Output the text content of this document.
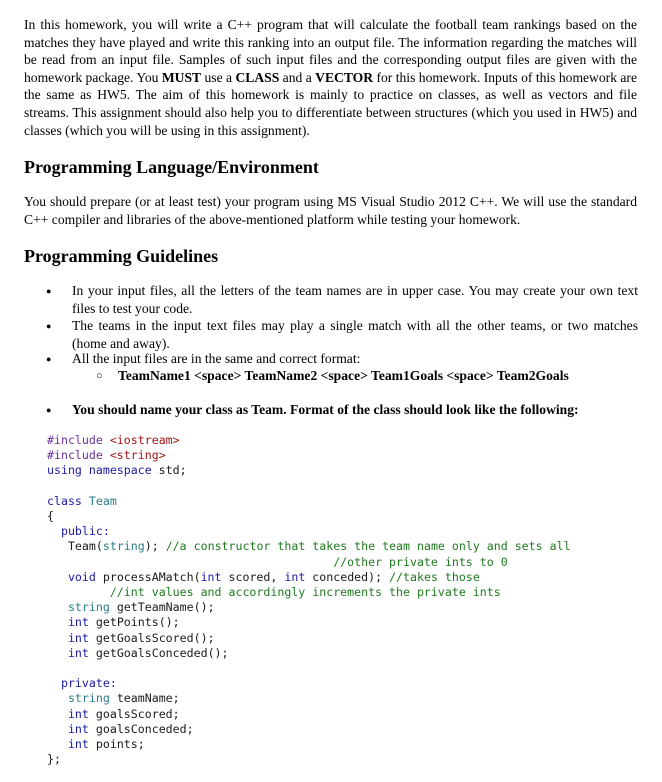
In this homework, you will write a C++ program that will calculate the football team rankings based on the matches they have played and write this ranking into an output file. The information regarding the matches will be read from an input file. Samples of such input files and the corresponding output files are given with the homework package. You MUST use a CLASS and a VECTOR for this homework. Inputs of this homework are the same as HW5. The aim of this homework is mainly to practice on classes, as well as vectors and file streams. This assignment should also help you to differentiate between structures (which you used in HW5) and classes (which you will be using in this assignment).
Programming Language/Environment
You should prepare (or at least test) your program using MS Visual Studio 2012 C++. We will use the standard C++ compiler and libraries of the above-mentioned platform while testing your homework.
Programming Guidelines
● In your input files, all the letters of the team names are in upper case. You may create your own text files to test your code.
● The teams in the input text files may play a single match with all the other teams, or two matches (home and away).
● All the input files are in the same and correct format:
○ TeamName1 <space> TeamName2 <space> Team1Goals <space> Team2Goals
● You should name your class as Team. Format of the class should look like the following:
#include <iostream>
#include <string>
using namespace std;

class Team
{
public:
Team(string); //a constructor that takes the team name only and sets all
//other private ints to 0
void processAMatch(int scored, int conceded); //takes those
//int values and accordingly increments the private ints
string getTeamName();
int getPoints();
int getGoalsScored();
int getGoalsConceded();

private:
string teamName;
int goalsScored;
int goalsConceded;
int points;
};
